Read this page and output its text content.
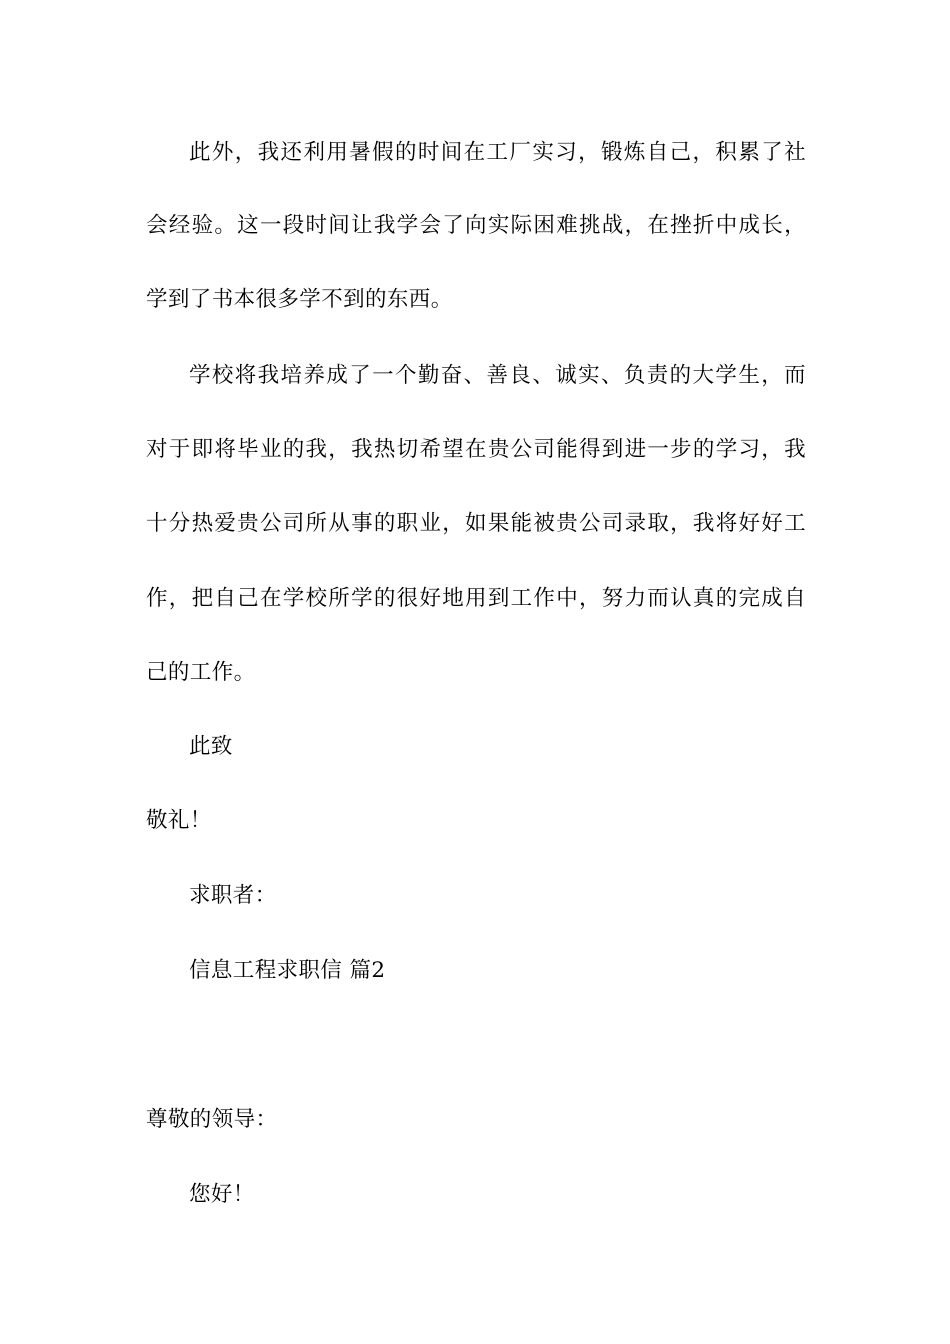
此外，我还利用暑假的时间在工厂实习，锻炼自己，积累了社
会经验。这一段时间让我学会了向实际困难挑战，在挫折中成长，
学到了书本很多学不到的东西。
学校将我培养成了一个勤奋、善良、诚实、负责的大学生，而
对于即将毕业的我，我热切希望在贵公司能得到进一步的学习，我
十分热爱贵公司所从事的职业，如果能被贵公司录取，我将好好工
作，把自己在学校所学的很好地用到工作中，努力而认真的完成自
己的工作。
此致
敬礼！
求职者：
信息工程求职信 篇2
尊敬的领导：
您好！
